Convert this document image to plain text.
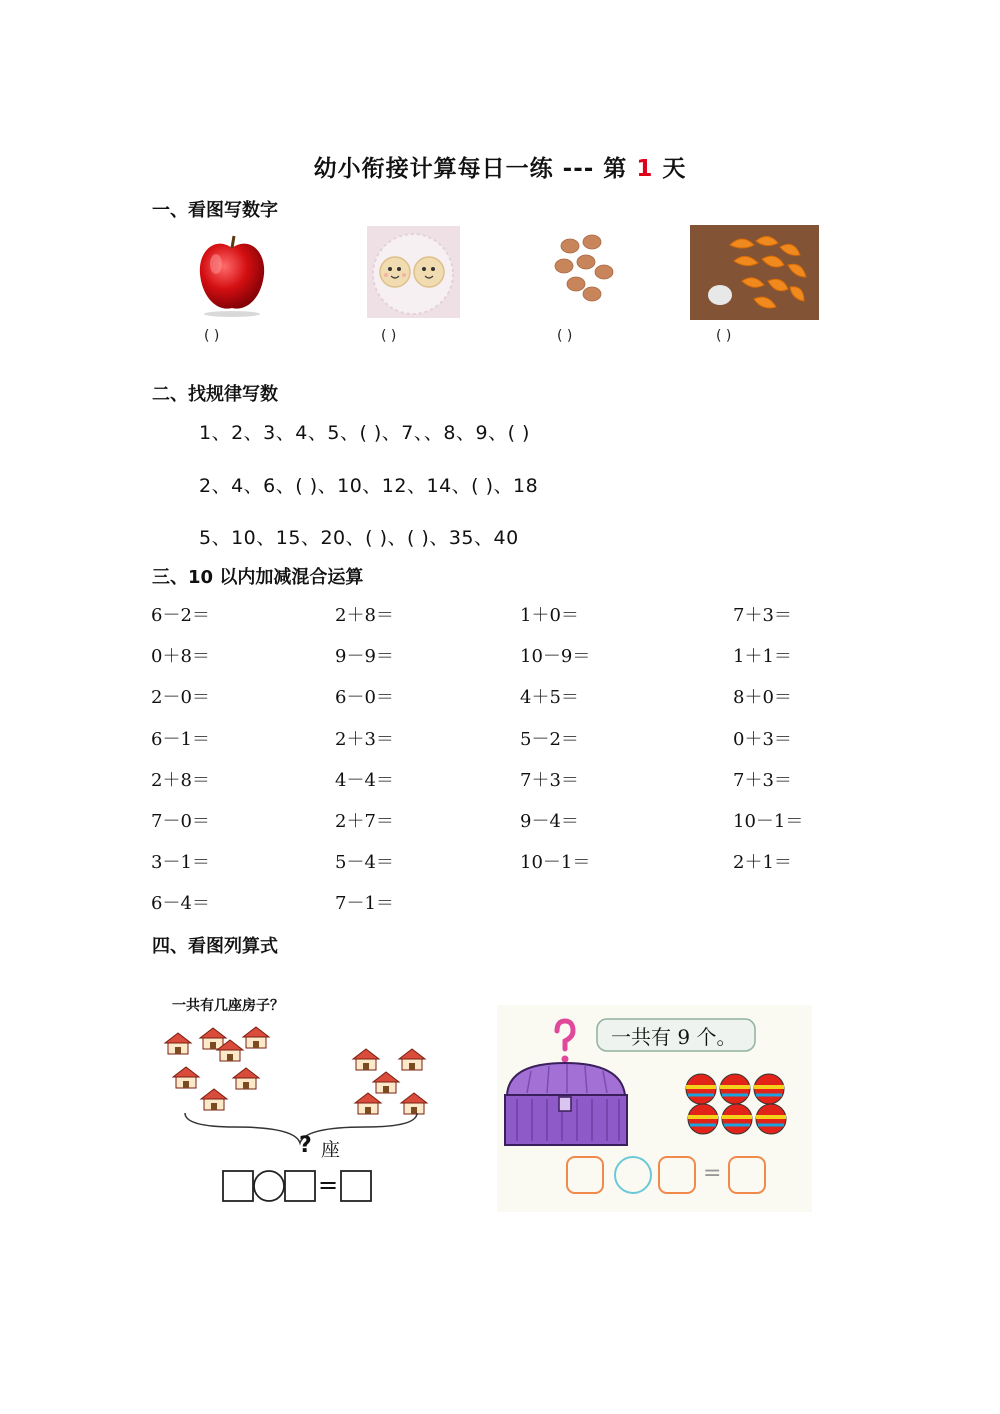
幼小衔接计算每日一练 --- 第 1 天
一、看图写数字
( )	( )	( )	( )
二、找规律写数
1、2、3、4、5、( )、7、、8、9、( )
2、4、6、( )、10、12、14、( )、18
5、10、15、20、( )、( )、35、40
三、10 以内加减混合运算
6－2＝	2＋8＝	1＋0＝	7＋3＝
0＋8＝	9－9＝	10－9＝	1＋1＝
2－0＝	6－0＝	4＋5＝	8＋0＝
6－1＝	2＋3＝	5－2＝	0＋3＝
2＋8＝	4－4＝	7＋3＝	7＋3＝
7－0＝	2＋7＝	9－4＝	10－1＝
3－1＝	5－4＝	10－1＝	2＋1＝
6－4＝	7－1＝
四、看图列算式
一共有几座房子？
? 座
=
一共有 9 个。
=
